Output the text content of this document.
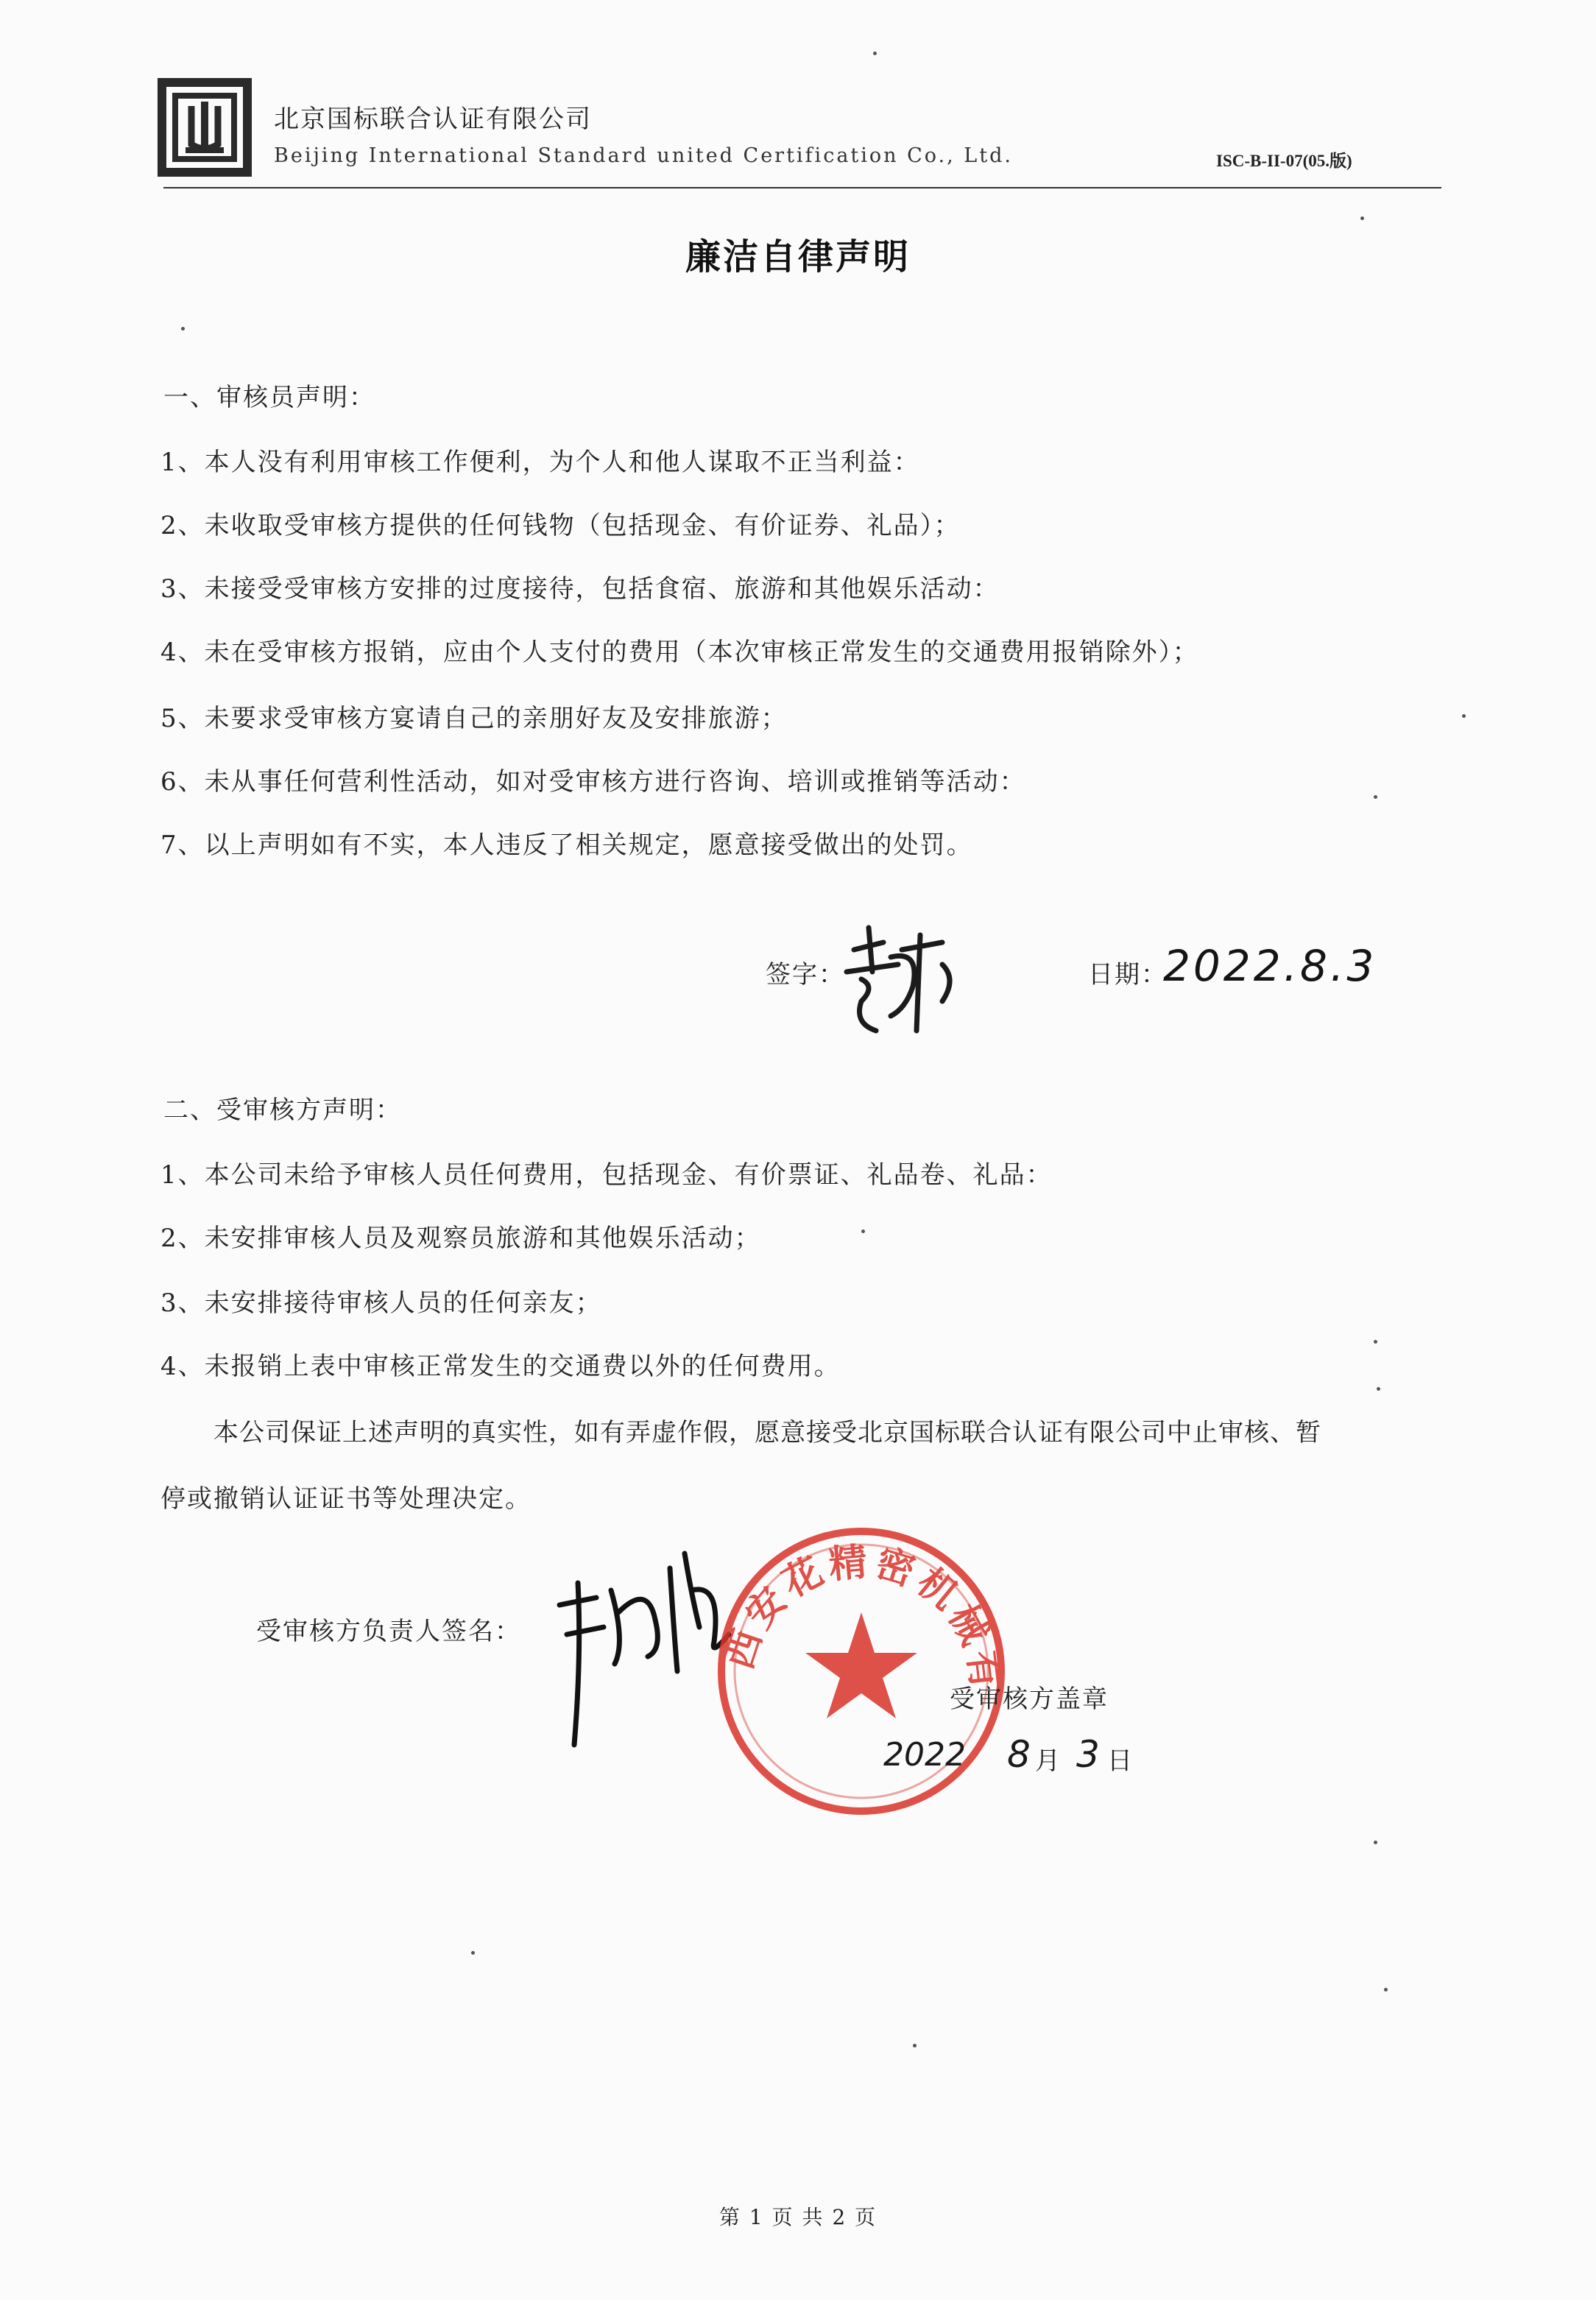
北京国标联合认证有限公司
Beijing International Standard united Certification Co., Ltd.	ISC-B-II-07(05.版)
廉洁自律声明
一、审核员声明：
1、本人没有利用审核工作便利，为个人和他人谋取不正当利益：
2、未收取受审核方提供的任何钱物（包括现金、有价证券、礼品）；
3、未接受受审核方安排的过度接待，包括食宿、旅游和其他娱乐活动：
4、未在受审核方报销，应由个人支付的费用（本次审核正常发生的交通费用报销除外）；
5、未要求受审核方宴请自己的亲朋好友及安排旅游；
6、未从事任何营利性活动，如对受审核方进行咨询、培训或推销等活动：
7、以上声明如有不实，本人违反了相关规定，愿意接受做出的处罚。
签字：	日期：
2022.8.3
二、受审核方声明：
1、本公司未给予审核人员任何费用，包括现金、有价票证、礼品卷、礼品：
2、未安排审核人员及观察员旅游和其他娱乐活动；
3、未安排接待审核人员的任何亲友；
4、未报销上表中审核正常发生的交通费以外的任何费用。
本公司保证上述声明的真实性，如有弄虚作假，愿意接受北京国标联合认证有限公司中止审核、暂
停或撤销认证证书等处理决定。
受审核方负责人签名：	西安花精密机械有限公司
受审核方盖章
2022 8 月 3 日
第 1 页 共 2 页
